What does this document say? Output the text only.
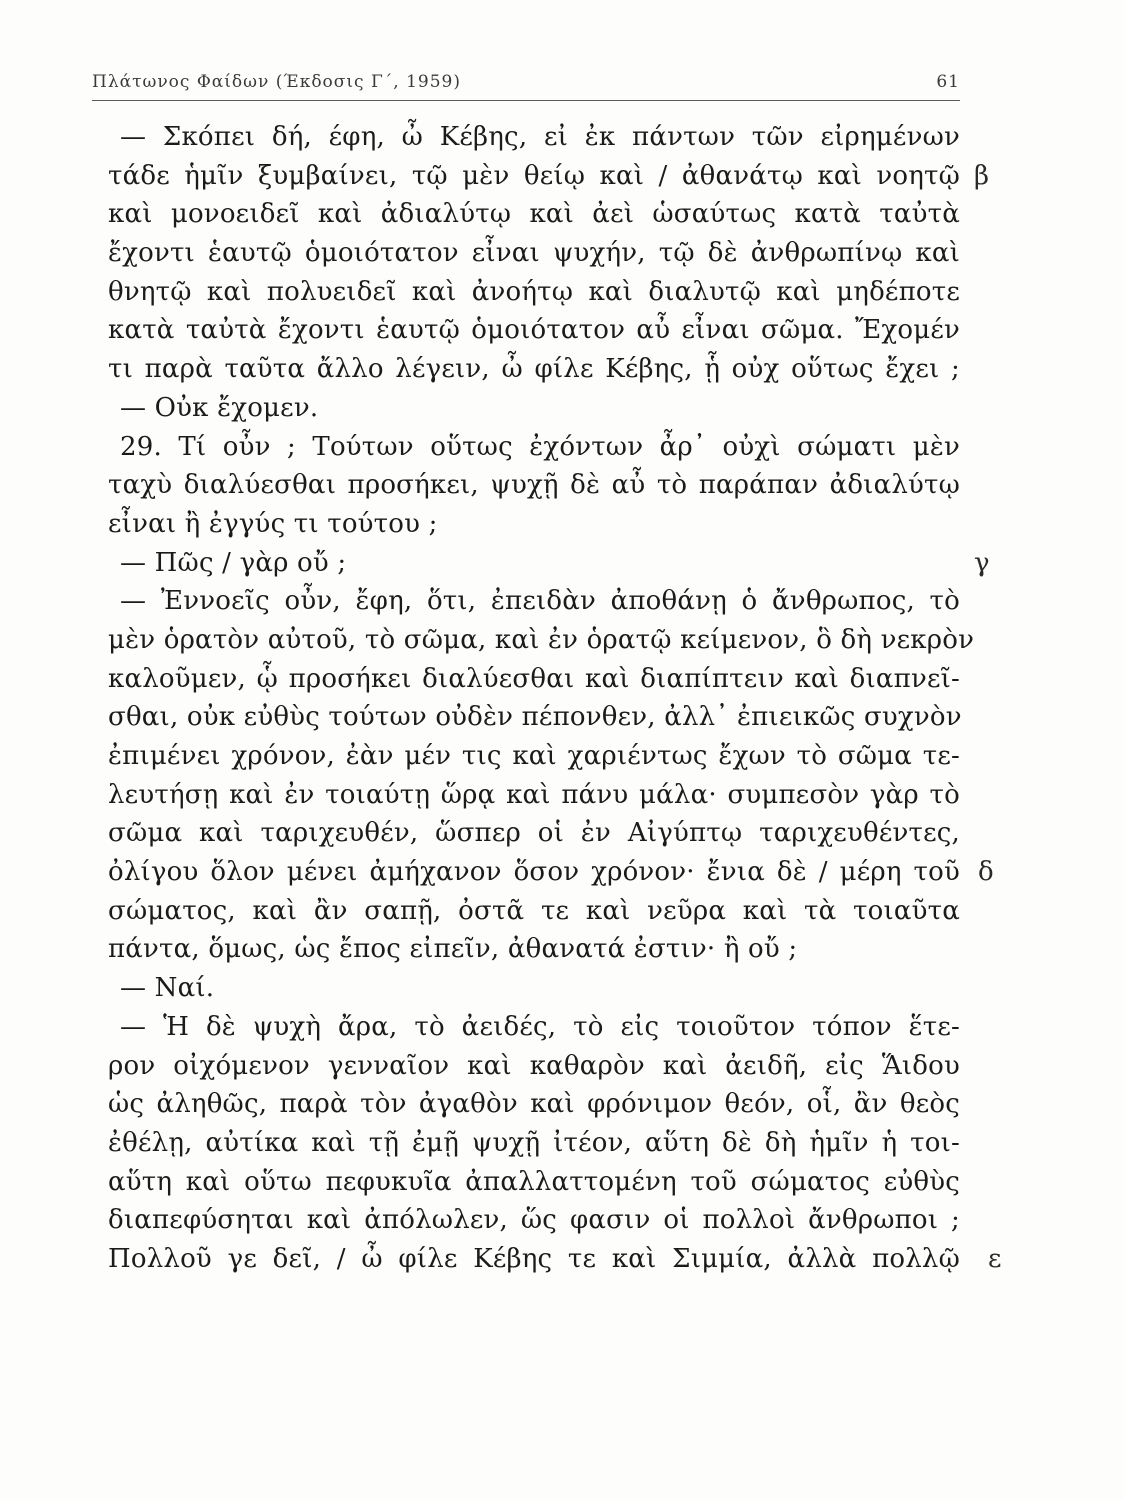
Πλάτωνος Φαίδων (Έκδοσις Γ΄, 1959)	61
— Σκόπει δή, έφη, ὦ Κέβης, εἰ ἐκ πάντων τῶν εἰρημένων
τάδε ἡμῖν ξυμβαίνει, τῷ μὲν θείῳ καὶ / ἀθανάτῳ καὶ νοητῷ β
καὶ μονοειδεῖ καὶ ἀδιαλύτῳ καὶ ἀεὶ ὡσαύτως κατὰ ταὐτὰ
ἔχοντι ἑαυτῷ ὁμοιότατον εἶναι ψυχήν, τῷ δὲ ἀνθρωπίνῳ καὶ
θνητῷ καὶ πολυειδεῖ καὶ ἀνοήτῳ καὶ διαλυτῷ καὶ μηδέποτε
κατὰ ταὐτὰ ἔχοντι ἑαυτῷ ὁμοιότατον αὖ εἶναι σῶμα. Ἔχομέν
τι παρὰ ταῦτα ἄλλο λέγειν, ὦ φίλε Κέβης, ᾗ οὐχ οὕτως ἔχει ;
— Οὐκ ἔχομεν.
29. Τί οὖν ; Τούτων οὕτως ἐχόντων ἆρ᾽ οὐχὶ σώματι μὲν
ταχὺ διαλύεσθαι προσήκει, ψυχῇ δὲ αὖ τὸ παράπαν ἀδιαλύτῳ
εἶναι ἢ ἐγγύς τι τούτου ;
— Πῶς / γὰρ οὔ ;	γ
— Ἐννοεῖς οὖν, ἔφη, ὅτι, ἐπειδὰν ἀποθάνῃ ὁ ἄνθρωπος, τὸ
μὲν ὁρατὸν αὐτοῦ, τὸ σῶμα, καὶ ἐν ὁρατῷ κείμενον, ὃ δὴ νεκρὸν
καλοῦμεν, ᾧ προσήκει διαλύεσθαι καὶ διαπίπτειν καὶ διαπνεῖ-
σθαι, οὐκ εὐθὺς τούτων οὐδὲν πέπονθεν, ἀλλ᾽ ἐπιεικῶς συχνὸν
ἐπιμένει χρόνον, ἐὰν μέν τις καὶ χαριέντως ἔχων τὸ σῶμα τε-
λευτήσῃ καὶ ἐν τοιαύτῃ ὥρᾳ καὶ πάνυ μάλα· συμπεσὸν γὰρ τὸ
σῶμα καὶ ταριχευθέν, ὥσπερ οἱ ἐν Αἰγύπτῳ ταριχευθέντες,
ὀλίγου ὅλον μένει ἀμήχανον ὅσον χρόνον· ἔνια δὲ / μέρη τοῦ δ
σώματος, καὶ ἂν σαπῇ, ὀστᾶ τε καὶ νεῦρα καὶ τὰ τοιαῦτα
πάντα, ὅμως, ὡς ἔπος εἰπεῖν, ἀθανατά ἐστιν· ἢ οὔ ;
— Ναί.
— Ἡ δὲ ψυχὴ ἄρα, τὸ ἀειδές, τὸ εἰς τοιοῦτον τόπον ἕτε-
ρον οἰχόμενον γενναῖον καὶ καθαρὸν καὶ ἀειδῆ, εἰς Ἅιδου
ὡς ἀληθῶς, παρὰ τὸν ἀγαθὸν καὶ φρόνιμον θεόν, οἷ, ἂν θεὸς
ἐθέλῃ, αὐτίκα καὶ τῇ ἐμῇ ψυχῇ ἰτέον, αὕτη δὲ δὴ ἡμῖν ἡ τοι-
αὕτη καὶ οὕτω πεφυκυῖα ἀπαλλαττομένη τοῦ σώματος εὐθὺς
διαπεφύσηται καὶ ἀπόλωλεν, ὥς φασιν οἱ πολλοὶ ἄνθρωποι ;
Πολλοῦ γε δεῖ, / ὦ φίλε Κέβης τε καὶ Σιμμία, ἀλλὰ πολλῷ ε
